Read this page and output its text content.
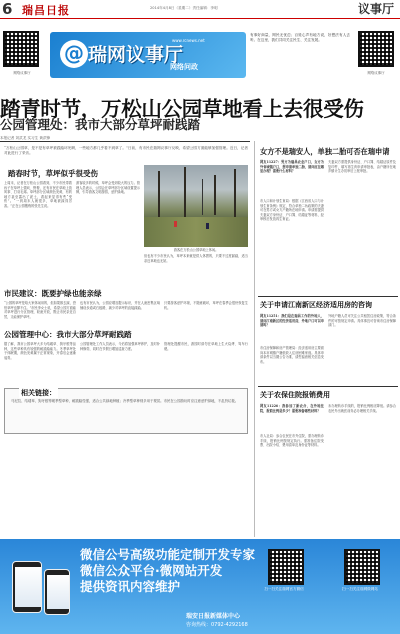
6 瑞昌日报	2014年4月8日（星期二）责任编辑：李明	议事厅
网络议事厅
@ 瑞网议事厅
www.rcnews.net
网络问政
有事好商量，网民无忧虑；百姓心声有地方说，好想法有人去听。在这里，我们共同关注民生、关注发展。
网络议事厅
踏青时节，万松山公园草地看上去很受伤
公园管理处：我市大部分草坪耐践踏
本报记者 刘武龙 实习生 黄洪锋
“万松山公园草，是不是有草坪被践踏坏死啊，一些地方都几乎看不到草了。”日前，有市民在瑞网议事厅反映，希望公园方面能够加强管理。近日，记者对此进行了采访。
踏春时节，草坪似乎很受伤
上周末，记者在万松山公园看到，不少市民带着孩子在草坪上嬉戏、野餐，还有市民在草地上放风筝、打羽毛球。草坪部分区域颜色发黄，有的地方甚至露出了泥土，看起来显得有些“受伤”。“一到周末人就很多，草地被踩得厉害。”正在公园锻炼的张先生说。
游客较多的时候，草坪会受到较大的压力。管理人员表示，公园会在草坪部分区域设置提示牌，引导游客文明游园，爱护绿地。
游客在万松山公园草地上休闲。
但也有不少市民认为，草坪本来就是供人休憩的，只要不过度踩踏，适当亲近草地也无妨。
市民建议：既要护绿也能亲绿
“公园的草坪是给大家休闲用的，但如果都去踩，恐怕草坪也撑不住。”市民李女士说，希望公园方面能对草坪进行分区管理，轮流开放，既让市民亲近自然，又能保护草坪。
也有市民认为，公园应增加提示标识，并在人流密集区域铺设步道或石板路，减少对草坪的直接踩踏。
只要游客爱护环境，不随意破坏，草坪在春季会很快恢复生机。
公园管理中心：我市大部分草坪耐践踏
据了解，我市公园草坪大多为结缕草、狗牙根等品种，这些草种具有较强的耐践踏能力。冬季草坪处于休眠期，颜色发黄属于正常现象，开春后会逐渐返青。
公园管理处工作人员表示，今后将加强草坪养护，及时补种修剪，同时在节假日增加巡查力度。
管理处提醒市民，游园时请勿在草地上生火烧烤、驾车行驶。
相关链接：
马尼拉、结缕草、狗牙根等暖季型草种，耐践踏性强，适合公共绿地种植；冷季型草种则多用于观赏。市民在公园游玩时应注意爱护绿地，不乱扔垃圾。
女方不是瑞安人，单独二胎可否在瑞申请
网友11227：男方为瑞昌农业户口，女方为外省城镇户口，想申请单独二胎，请问应在哪里办理？需要什么材料？
市人口和计划生育局：根据《江西省人口与计划生育条例》规定，符合单独二孩政策的夫妻可在男方或女方户籍所在地申请。申请需提供夫妻双方身份证、户口簿、结婚证等材料，经审核后发放再生育证。
夫妻双方需提供身份证、户口簿、结婚证原件及复印件，填写再生育申请审批表，由户籍所在地乡镇计生办初审后上报审批。
关于申请江南新区经济适用房的咨询
网友11251：我们是在瑞昌工作的外地人，请问江南新区的经济适用房，外地户口可以申请吗？
市住房保障和房产管理局：经济适用房主要面向本市城镇户籍低收入住房困难家庭。具体申请条件以当期公告为准，请您留意相关信息发布。
外地户籍人员可关注公共租赁住房政策，符合条件的可按规定申请。具体事宜可咨询市住房保障部门。
关于农保住院报销费用
网友11226：我参加了新农合，在外地住院，报销比例是多少？需要准备哪些材料？
市人社局：参合农民在市外住院，需办理转诊手续，报销比例按规定执行。需准备住院发票、出院小结、费用清单及身份证等材料。
未办理转诊手续的，报销比例相应降低。请参合农民外出就医前务必办理相关手续。
微信公号高级功能定制开发专家
微信公众平台·微网站开发
提供资讯内容维护	扫一扫关注瑞网官方微信	扫一扫关注瑞网微网站
瑞安日报新媒体中心
咨询热线：0792-4292168
